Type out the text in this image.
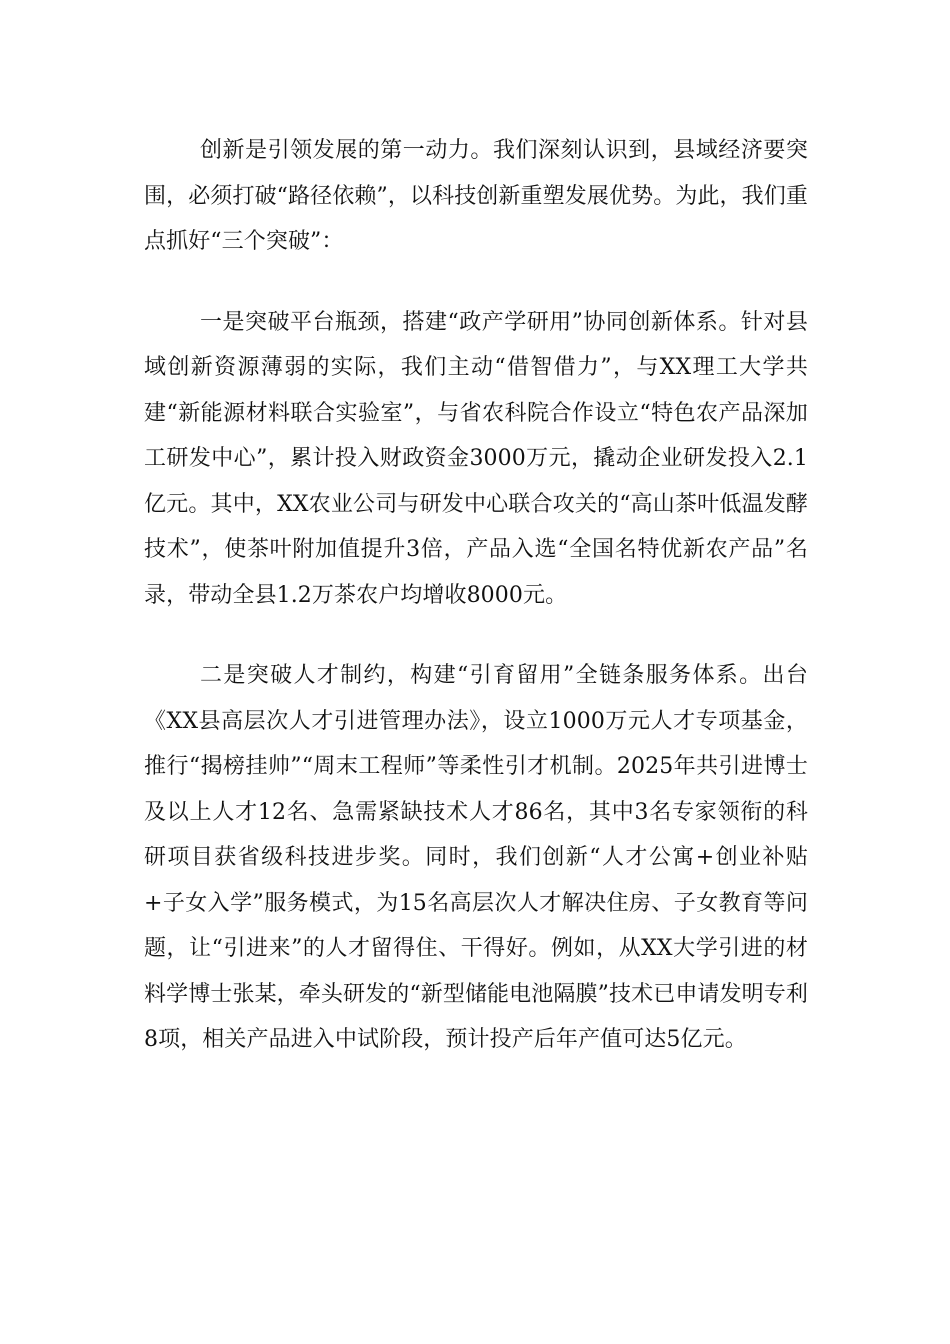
创新是引领发展的第一动力。我们深刻认识到，县域经济要突围，必须打破“路径依赖”，以科技创新重塑发展优势。为此，我们重点抓好“三个突破”：

一是突破平台瓶颈，搭建“政产学研用”协同创新体系。针对县域创新资源薄弱的实际，我们主动“借智借力”，与XX理工大学共建“新能源材料联合实验室”，与省农科院合作设立“特色农产品深加工研发中心”，累计投入财政资金3000万元，撬动企业研发投入2.1亿元。其中，XX农业公司与研发中心联合攻关的“高山茶叶低温发酵技术”，使茶叶附加值提升3倍，产品入选“全国名特优新农产品”名录，带动全县1.2万茶农户均增收8000元。

二是突破人才制约，构建“引育留用”全链条服务体系。出台《XX县高层次人才引进管理办法》，设立1000万元人才专项基金，推行“揭榜挂帅”“周末工程师”等柔性引才机制。2025年共引进博士及以上人才12名、急需紧缺技术人才86名，其中3名专家领衔的科研项目获省级科技进步奖。同时，我们创新“人才公寓+创业补贴+子女入学”服务模式，为15名高层次人才解决住房、子女教育等问题，让“引进来”的人才留得住、干得好。例如，从XX大学引进的材料学博士张某，牵头研发的“新型储能电池隔膜”技术已申请发明专利8项，相关产品进入中试阶段，预计投产后年产值可达5亿元。
